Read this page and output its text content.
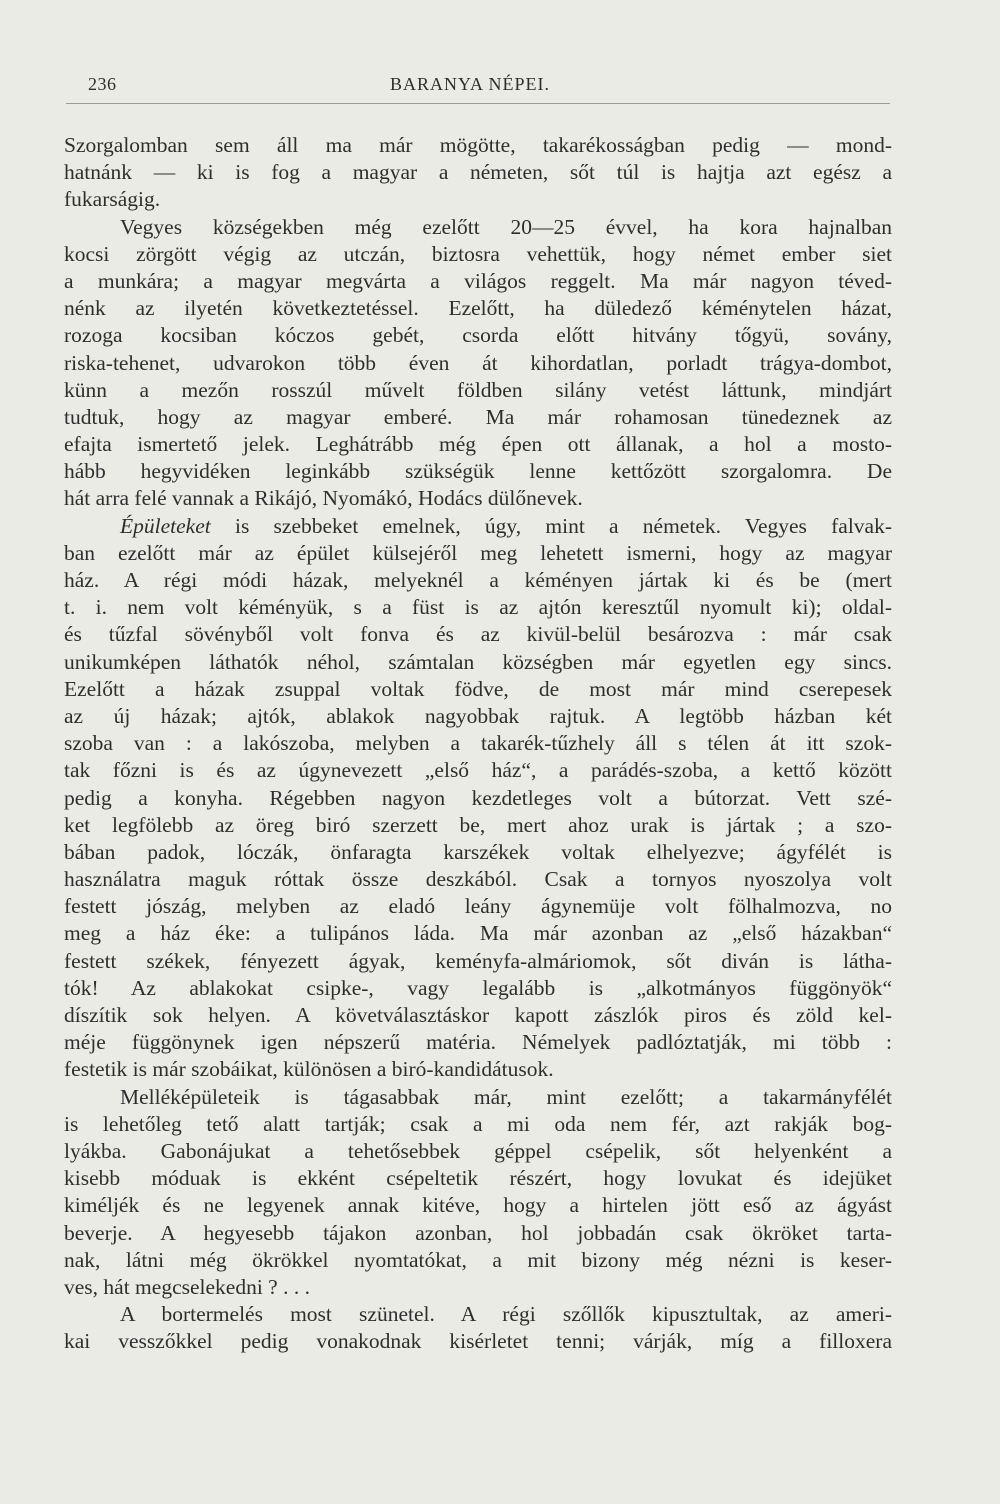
236	BARANYA NÉPEI.
Szorgalomban sem áll ma már mögötte, takarékosságban pedig — mond-
hatnánk — ki is fog a magyar a németen, sőt túl is hajtja azt egész a
fukarságig.
Vegyes községekben még ezelőtt 20—25 évvel, ha kora hajnalban
kocsi zörgött végig az utczán, biztosra vehettük, hogy német ember siet
a munkára; a magyar megvárta a világos reggelt. Ma már nagyon téved-
nénk az ilyetén következtetéssel. Ezelőtt, ha düledező kéménytelen házat,
rozoga kocsiban kóczos gebét, csorda előtt hitvány tőgyü, sovány,
riska-tehenet, udvarokon több éven át kihordatlan, porladt trágya-dombot,
künn a mezőn rosszúl művelt földben silány vetést láttunk, mindjárt
tudtuk, hogy az magyar emberé. Ma már rohamosan tünedeznek az
efajta ismertető jelek. Leghátrább még épen ott állanak, a hol a mosto-
hább hegyvidéken leginkább szükségük lenne kettőzött szorgalomra. De
hát arra felé vannak a Rikájó, Nyomákó, Hodács dülőnevek.
Épületeket is szebbeket emelnek, úgy, mint a németek. Vegyes falvak-
ban ezelőtt már az épület külsejéről meg lehetett ismerni, hogy az magyar
ház. A régi módi házak, melyeknél a kéményen jártak ki és be (mert
t. i. nem volt kéményük, s a füst is az ajtón keresztűl nyomult ki); oldal-
és tűzfal sövényből volt fonva és az kivül-belül besározva : már csak
unikumképen láthatók néhol, számtalan községben már egyetlen egy sincs.
Ezelőtt a házak zsuppal voltak födve, de most már mind cserepesek
az új házak; ajtók, ablakok nagyobbak rajtuk. A legtöbb házban két
szoba van : a lakószoba, melyben a takarék-tűzhely áll s télen át itt szok-
tak főzni is és az úgynevezett „első ház“, a parádés-szoba, a kettő között
pedig a konyha. Régebben nagyon kezdetleges volt a bútorzat. Vett szé-
ket legfölebb az öreg biró szerzett be, mert ahoz urak is jártak ; a szo-
bában padok, lóczák, önfaragta karszékek voltak elhelyezve; ágyfélét is
használatra maguk róttak össze deszkából. Csak a tornyos nyoszolya volt
festett jószág, melyben az eladó leány ágynemüje volt fölhalmozva, no
meg a ház éke: a tulipános láda. Ma már azonban az „első házakban“
festett székek, fényezett ágyak, keményfa-almáriomok, sőt diván is látha-
tók! Az ablakokat csipke-, vagy legalább is „alkotmányos függönyök“
díszítik sok helyen. A követválasztáskor kapott zászlók piros és zöld kel-
méje függönynek igen népszerű matéria. Némelyek padlóztatják, mi több :
festetik is már szobáikat, különösen a biró-kandidátusok.
Melléképületeik is tágasabbak már, mint ezelőtt; a takarmányfélét
is lehetőleg tető alatt tartják; csak a mi oda nem fér, azt rakják bog-
lyákba. Gabonájukat a tehetősebbek géppel csépelik, sőt helyenként a
kisebb móduak is ekként csépeltetik részért, hogy lovukat és idejüket
kiméljék és ne legyenek annak kitéve, hogy a hirtelen jött eső az ágyást
beverje. A hegyesebb tájakon azonban, hol jobbadán csak ökröket tarta-
nak, látni még ökrökkel nyomtatókat, a mit bizony még nézni is keser-
ves, hát megcselekedni ? . . .
A bortermelés most szünetel. A régi szőllők kipusztultak, az ameri-
kai vesszőkkel pedig vonakodnak kisérletet tenni; várják, míg a filloxera
